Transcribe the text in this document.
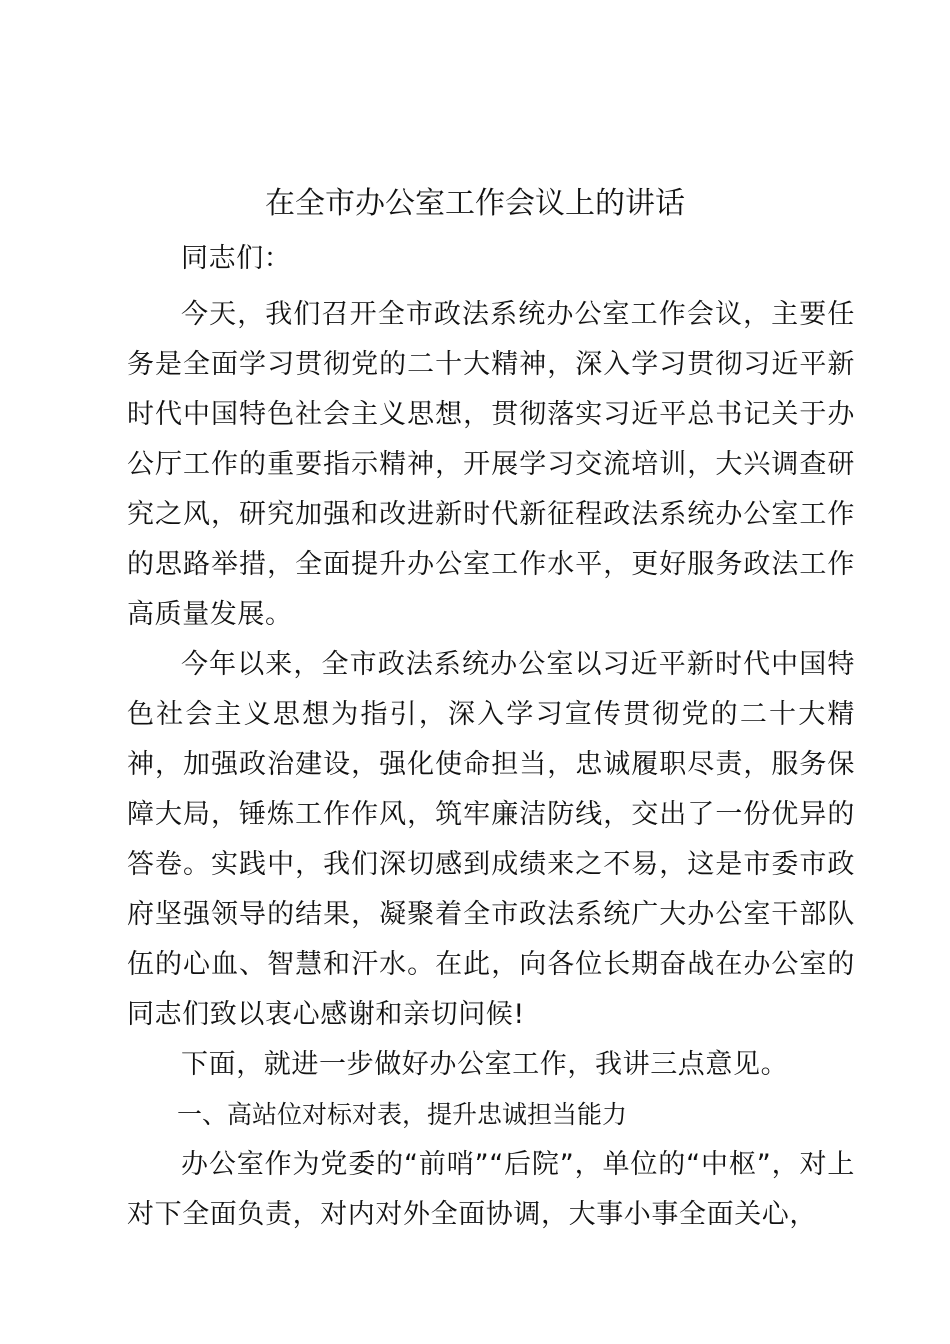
在全市办公室工作会议上的讲话

同志们：

今天，我们召开全市政法系统办公室工作会议，主要任务是全面学习贯彻党的二十大精神，深入学习贯彻习近平新时代中国特色社会主义思想，贯彻落实习近平总书记关于办公厅工作的重要指示精神，开展学习交流培训，大兴调查研究之风，研究加强和改进新时代新征程政法系统办公室工作的思路举措，全面提升办公室工作水平，更好服务政法工作高质量发展。

今年以来，全市政法系统办公室以习近平新时代中国特色社会主义思想为指引，深入学习宣传贯彻党的二十大精神，加强政治建设，强化使命担当，忠诚履职尽责，服务保障大局，锤炼工作作风，筑牢廉洁防线，交出了一份优异的答卷。实践中，我们深切感到成绩来之不易，这是市委市政府坚强领导的结果，凝聚着全市政法系统广大办公室干部队伍的心血、智慧和汗水。在此，向各位长期奋战在办公室的同志们致以衷心感谢和亲切问候!

下面，就进一步做好办公室工作，我讲三点意见。

一、高站位对标对表，提升忠诚担当能力

办公室作为党委的“前哨”“后院”，单位的“中枢”，对上对下全面负责，对内对外全面协调，大事小事全面关心，
